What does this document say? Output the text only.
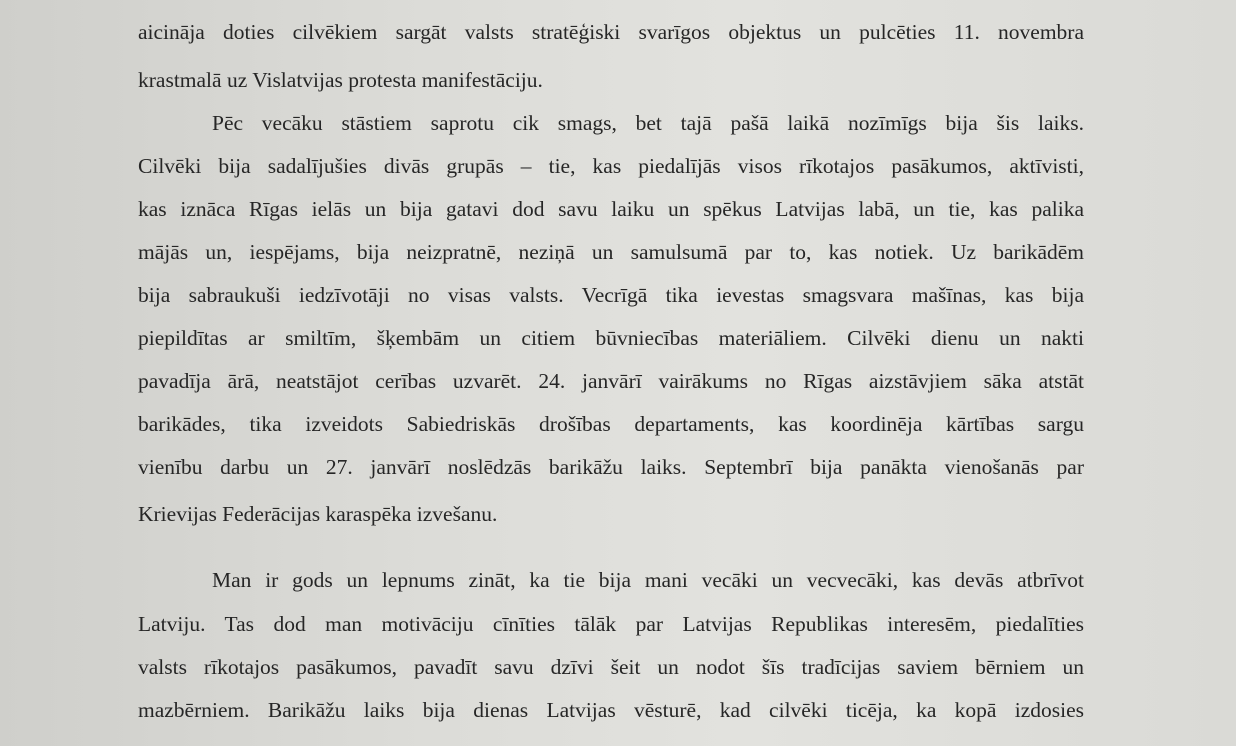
aicināja doties cilvēkiem sargāt valsts stratēģiski svarīgos objektus un pulcēties 11. novembra
krastmalā uz Vislatvijas protesta manifestāciju.
Pēc vecāku stāstiem saprotu cik smags, bet tajā pašā laikā nozīmīgs bija šis laiks.
Cilvēki bija sadalījušies divās grupās – tie, kas piedalījās visos rīkotajos pasākumos, aktīvisti,
kas iznāca Rīgas ielās un bija gatavi dod savu laiku un spēkus Latvijas labā, un tie, kas palika
mājās un, iespējams, bija neizpratnē, neziņā un samulsumā par to, kas notiek. Uz barikādēm
bija sabraukuši iedzīvotāji no visas valsts. Vecrīgā tika ievestas smagsvara mašīnas, kas bija
piepildītas ar smiltīm, šķembām un citiem būvniecības materiāliem. Cilvēki dienu un nakti
pavadīja ārā, neatstājot cerības uzvarēt. 24. janvārī vairākums no Rīgas aizstāvjiem sāka atstāt
barikādes, tika izveidots Sabiedriskās drošības departaments, kas koordinēja kārtības sargu
vienību darbu un 27. janvārī noslēdzās barikāžu laiks. Septembrī bija panākta vienošanās par
Krievijas Federācijas karaspēka izvešanu.
Man ir gods un lepnums zināt, ka tie bija mani vecāki un vecvecāki, kas devās atbrīvot
Latviju. Tas dod man motivāciju cīnīties tālāk par Latvijas Republikas interesēm, piedalīties
valsts rīkotajos pasākumos, pavadīt savu dzīvi šeit un nodot šīs tradīcijas saviem bērniem un
mazbērniem. Barikāžu laiks bija dienas Latvijas vēsturē, kad cilvēki ticēja, ka kopā izdosies
